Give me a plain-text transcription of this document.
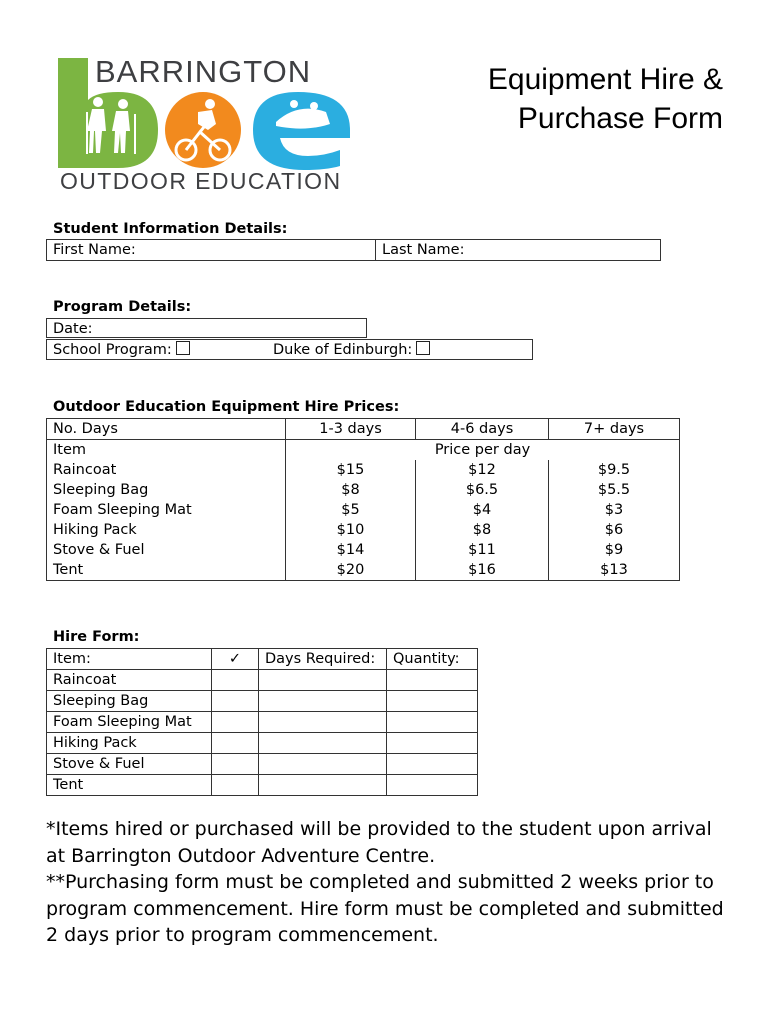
BARRINGTON
OUTDOOR EDUCATION
Equipment Hire &
Purchase Form
Student Information Details:
First Name:	Last Name:
Program Details:
Date:
School Program:	Duke of Edinburgh:
Outdoor Education Equipment Hire Prices:
No. Days	1-3 days	4-6 days	7+ days
Item	Price per day		
Raincoat	$15	$12	$9.5
Sleeping Bag	$8	$6.5	$5.5
Foam Sleeping Mat	$5	$4	$3
Hiking Pack	$10	$8	$6
Stove & Fuel	$14	$11	$9
Tent	$20	$16	$13
Hire Form:
Item:	✓	Days Required:	Quantity:
Raincoat			
Sleeping Bag			
Foam Sleeping Mat			
Hiking Pack			
Stove & Fuel			
Tent			

*Items hired or purchased will be provided to the student upon arrival at Barrington Outdoor Adventure Centre.

**Purchasing form must be completed and submitted 2 weeks prior to program commencement. Hire form must be completed and submitted 2 days prior to program commencement.
